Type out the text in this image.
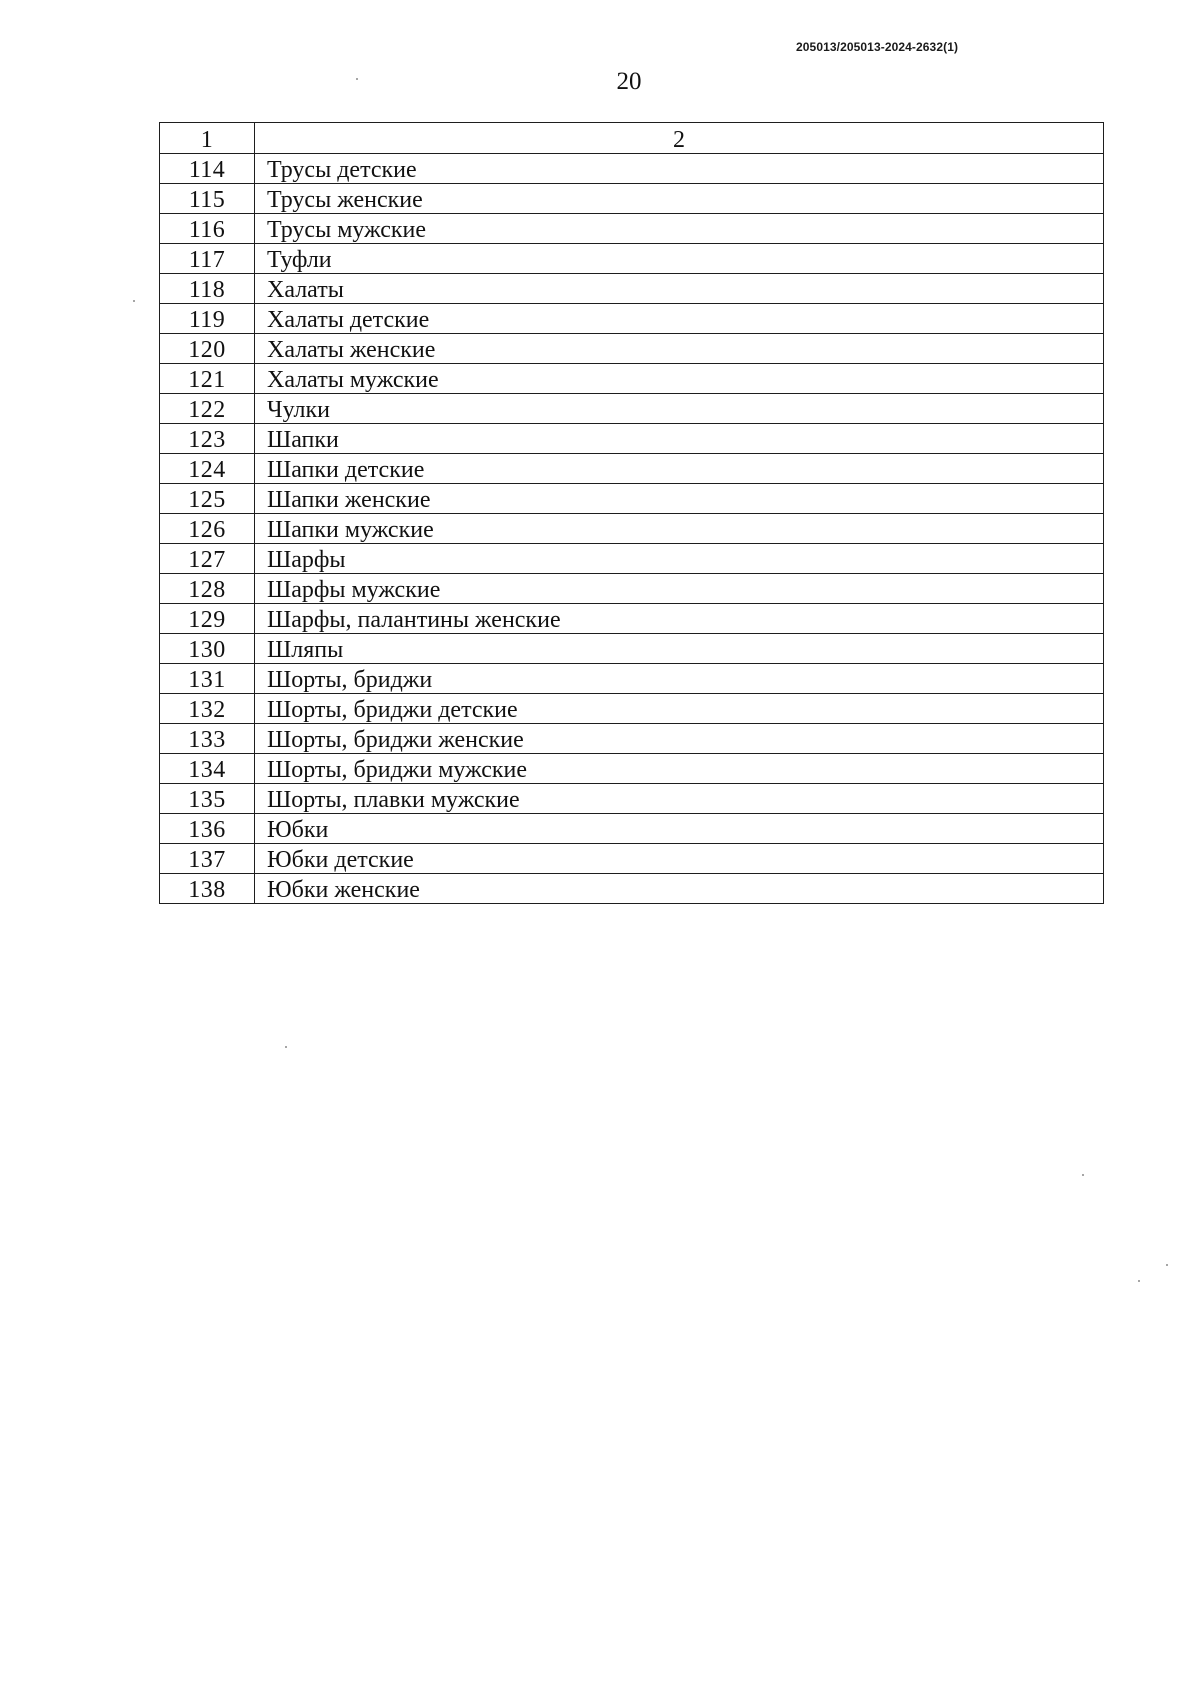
205013/205013-2024-2632(1)
20
1	2
114	Трусы детские
115	Трусы женские
116	Трусы мужские
117	Туфли
118	Халаты
119	Халаты детские
120	Халаты женские
121	Халаты мужские
122	Чулки
123	Шапки
124	Шапки детские
125	Шапки женские
126	Шапки мужские
127	Шарфы
128	Шарфы мужские
129	Шарфы, палантины женские
130	Шляпы
131	Шорты, бриджи
132	Шорты, бриджи детские
133	Шорты, бриджи женские
134	Шорты, бриджи мужские
135	Шорты, плавки мужские
136	Юбки
137	Юбки детские
138	Юбки женские
